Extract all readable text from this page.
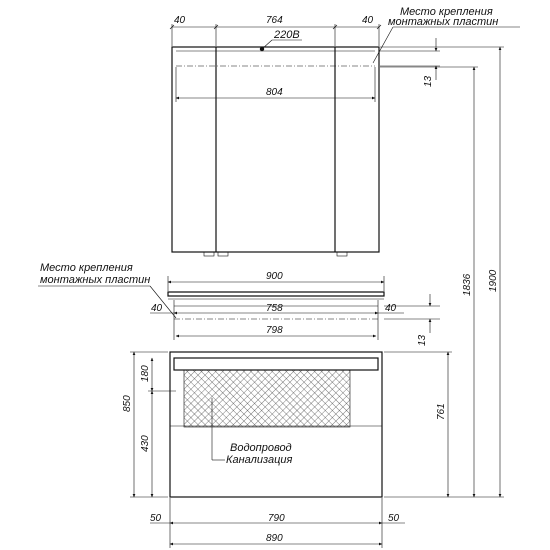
220В
40	764	40
804
13
Место крепления
монтажных пластин
900
40	758	40
798
13
Место крепления
монтажных пластин
850
180
430	Водопровод
Канализация
761
50	790	50
890
1836 1900
